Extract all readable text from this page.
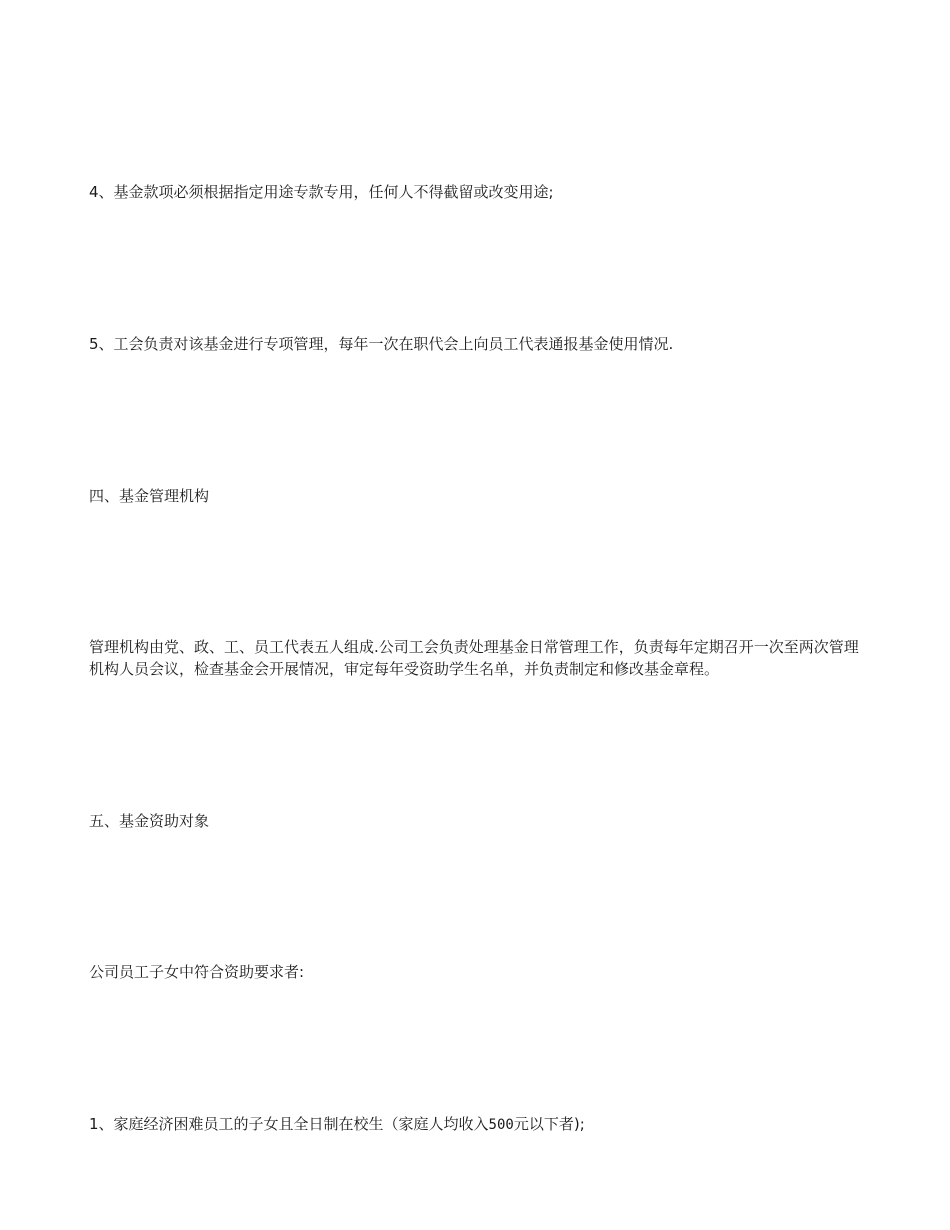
4、基金款项必须根据指定用途专款专用，任何人不得截留或改变用途;

5、工会负责对该基金进行专项管理，每年一次在职代会上向员工代表通报基金使用情况.

四、基金管理机构

管理机构由党、政、工、员工代表五人组成.公司工会负责处理基金日常管理工作，负责每年定期召开一次至两次管理机构人员会议，检查基金会开展情况，审定每年受资助学生名单，并负责制定和修改基金章程。

五、基金资助对象

公司员工子女中符合资助要求者:

1、家庭经济困难员工的子女且全日制在校生（家庭人均收入500元以下者);
